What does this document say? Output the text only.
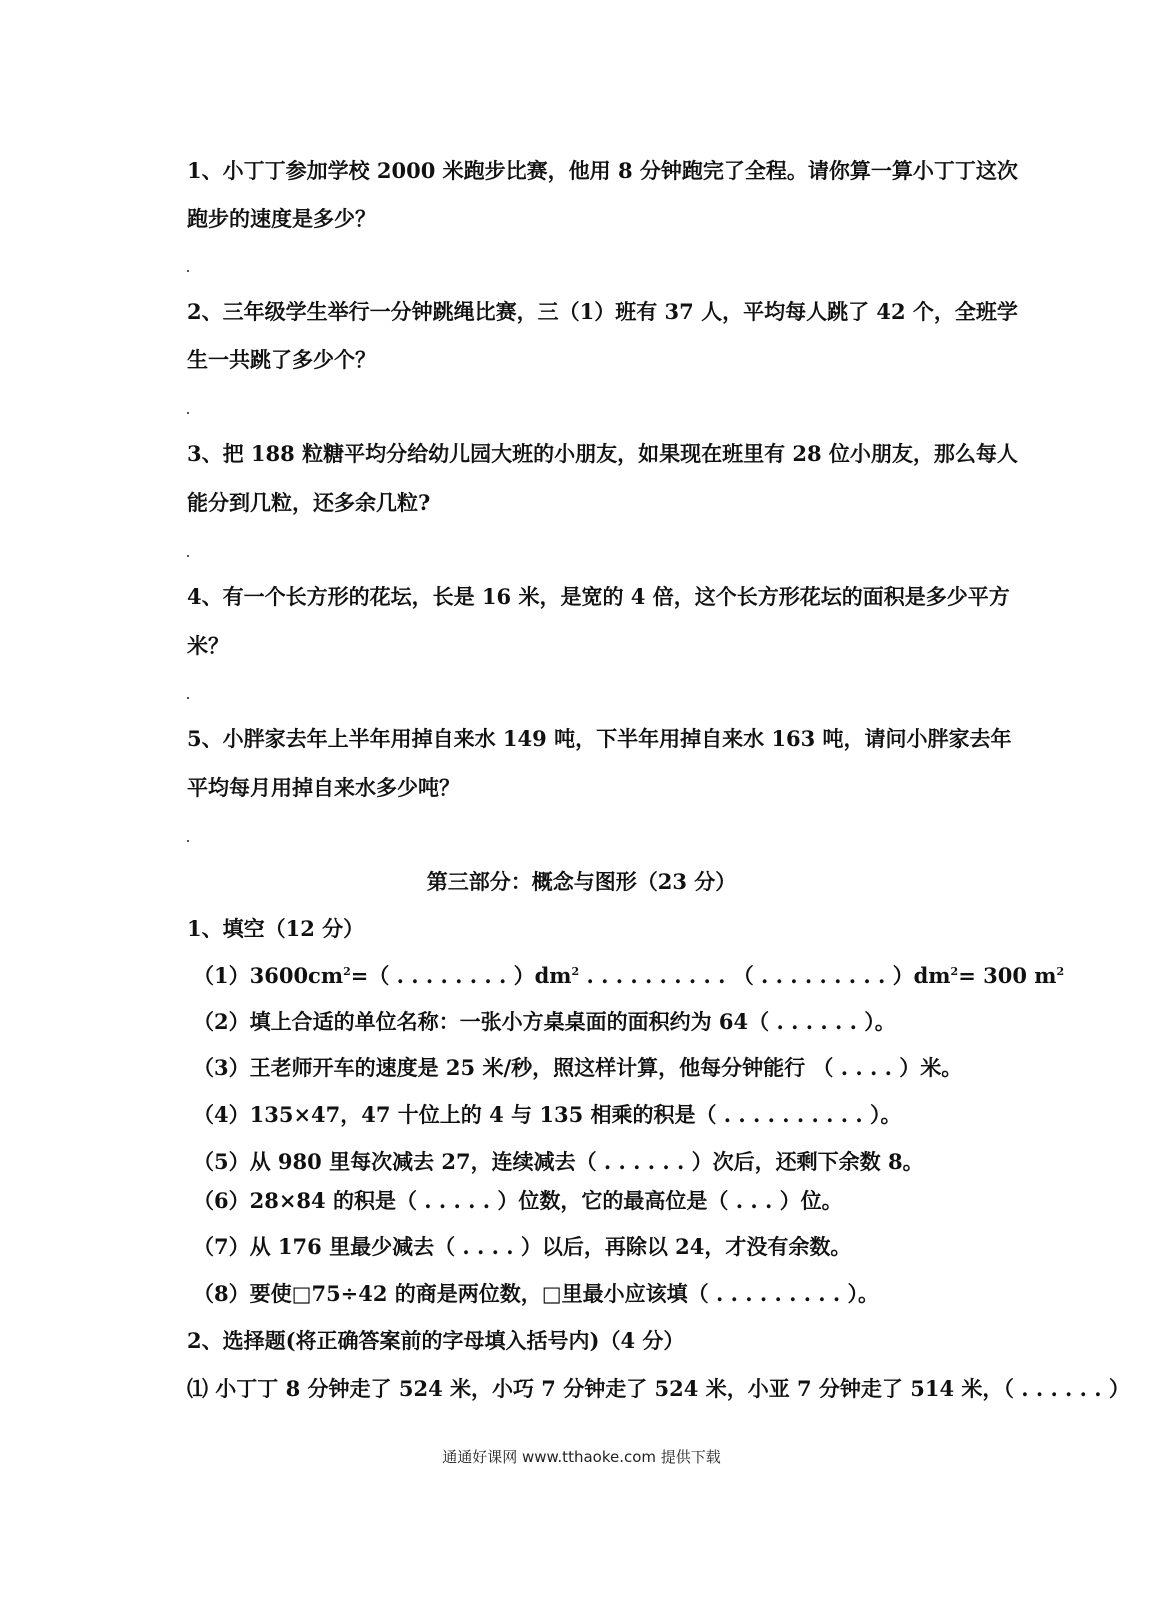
1、小丁丁参加学校 2000 米跑步比赛，他用 8 分钟跑完了全程。请你算一算小丁丁这次
跑步的速度是多少？
2、三年级学生举行一分钟跳绳比赛，三（1）班有 37 人，平均每人跳了 42 个，全班学
生一共跳了多少个？
3、把 188 粒糖平均分给幼儿园大班的小朋友，如果现在班里有 28 位小朋友，那么每人
能分到几粒，还多余几粒?
4、有一个长方形的花坛，长是 16 米，是宽的 4 倍，这个长方形花坛的面积是多少平方
米？
5、小胖家去年上半年用掉自来水 149 吨，下半年用掉自来水 163 吨，请问小胖家去年
平均每月用掉自来水多少吨？
第三部分：概念与图形（23 分）
1、填空（12 分）
$(1)3600cm^2=$（ . . . . . . . . ）$dm^2$ . . . . . . . . . . （ . . . . . . . . . ）$dm^2= 300$ $m^2$
（2）填上合适的单位名称：一张小方桌桌面的面积约为 64（ . . . . . . ）。
（3）王老师开车的速度是 25 米/秒，照这样计算，他每分钟能行 （ . . . . ）米。
（4）135×47，47 十位上的 4 与 135 相乘的积是（ . . . . . . . . . . ）。
（5）从 980 里每次减去 27，连续减去（ . . . . . . ）次后，还剩下余数 8。
（6）28×84 的积是（ . . . . . ）位数，它的最高位是（ . . . ）位。
（7）从 176 里最少减去（ . . . . ）以后，再除以 24，才没有余数。
（8）要使□75÷42 的商是两位数，□里最小应该填（ . . . . . . . . . ）。
2、选择题(将正确答案前的字母填入括号内)（4 分）
⑴ 小丁丁 8 分钟走了 524 米，小巧 7 分钟走了 524 米，小亚 7 分钟走了 514 米，（ . . . . . . ）
通通好课网 www.tthaoke.com 提供下载
